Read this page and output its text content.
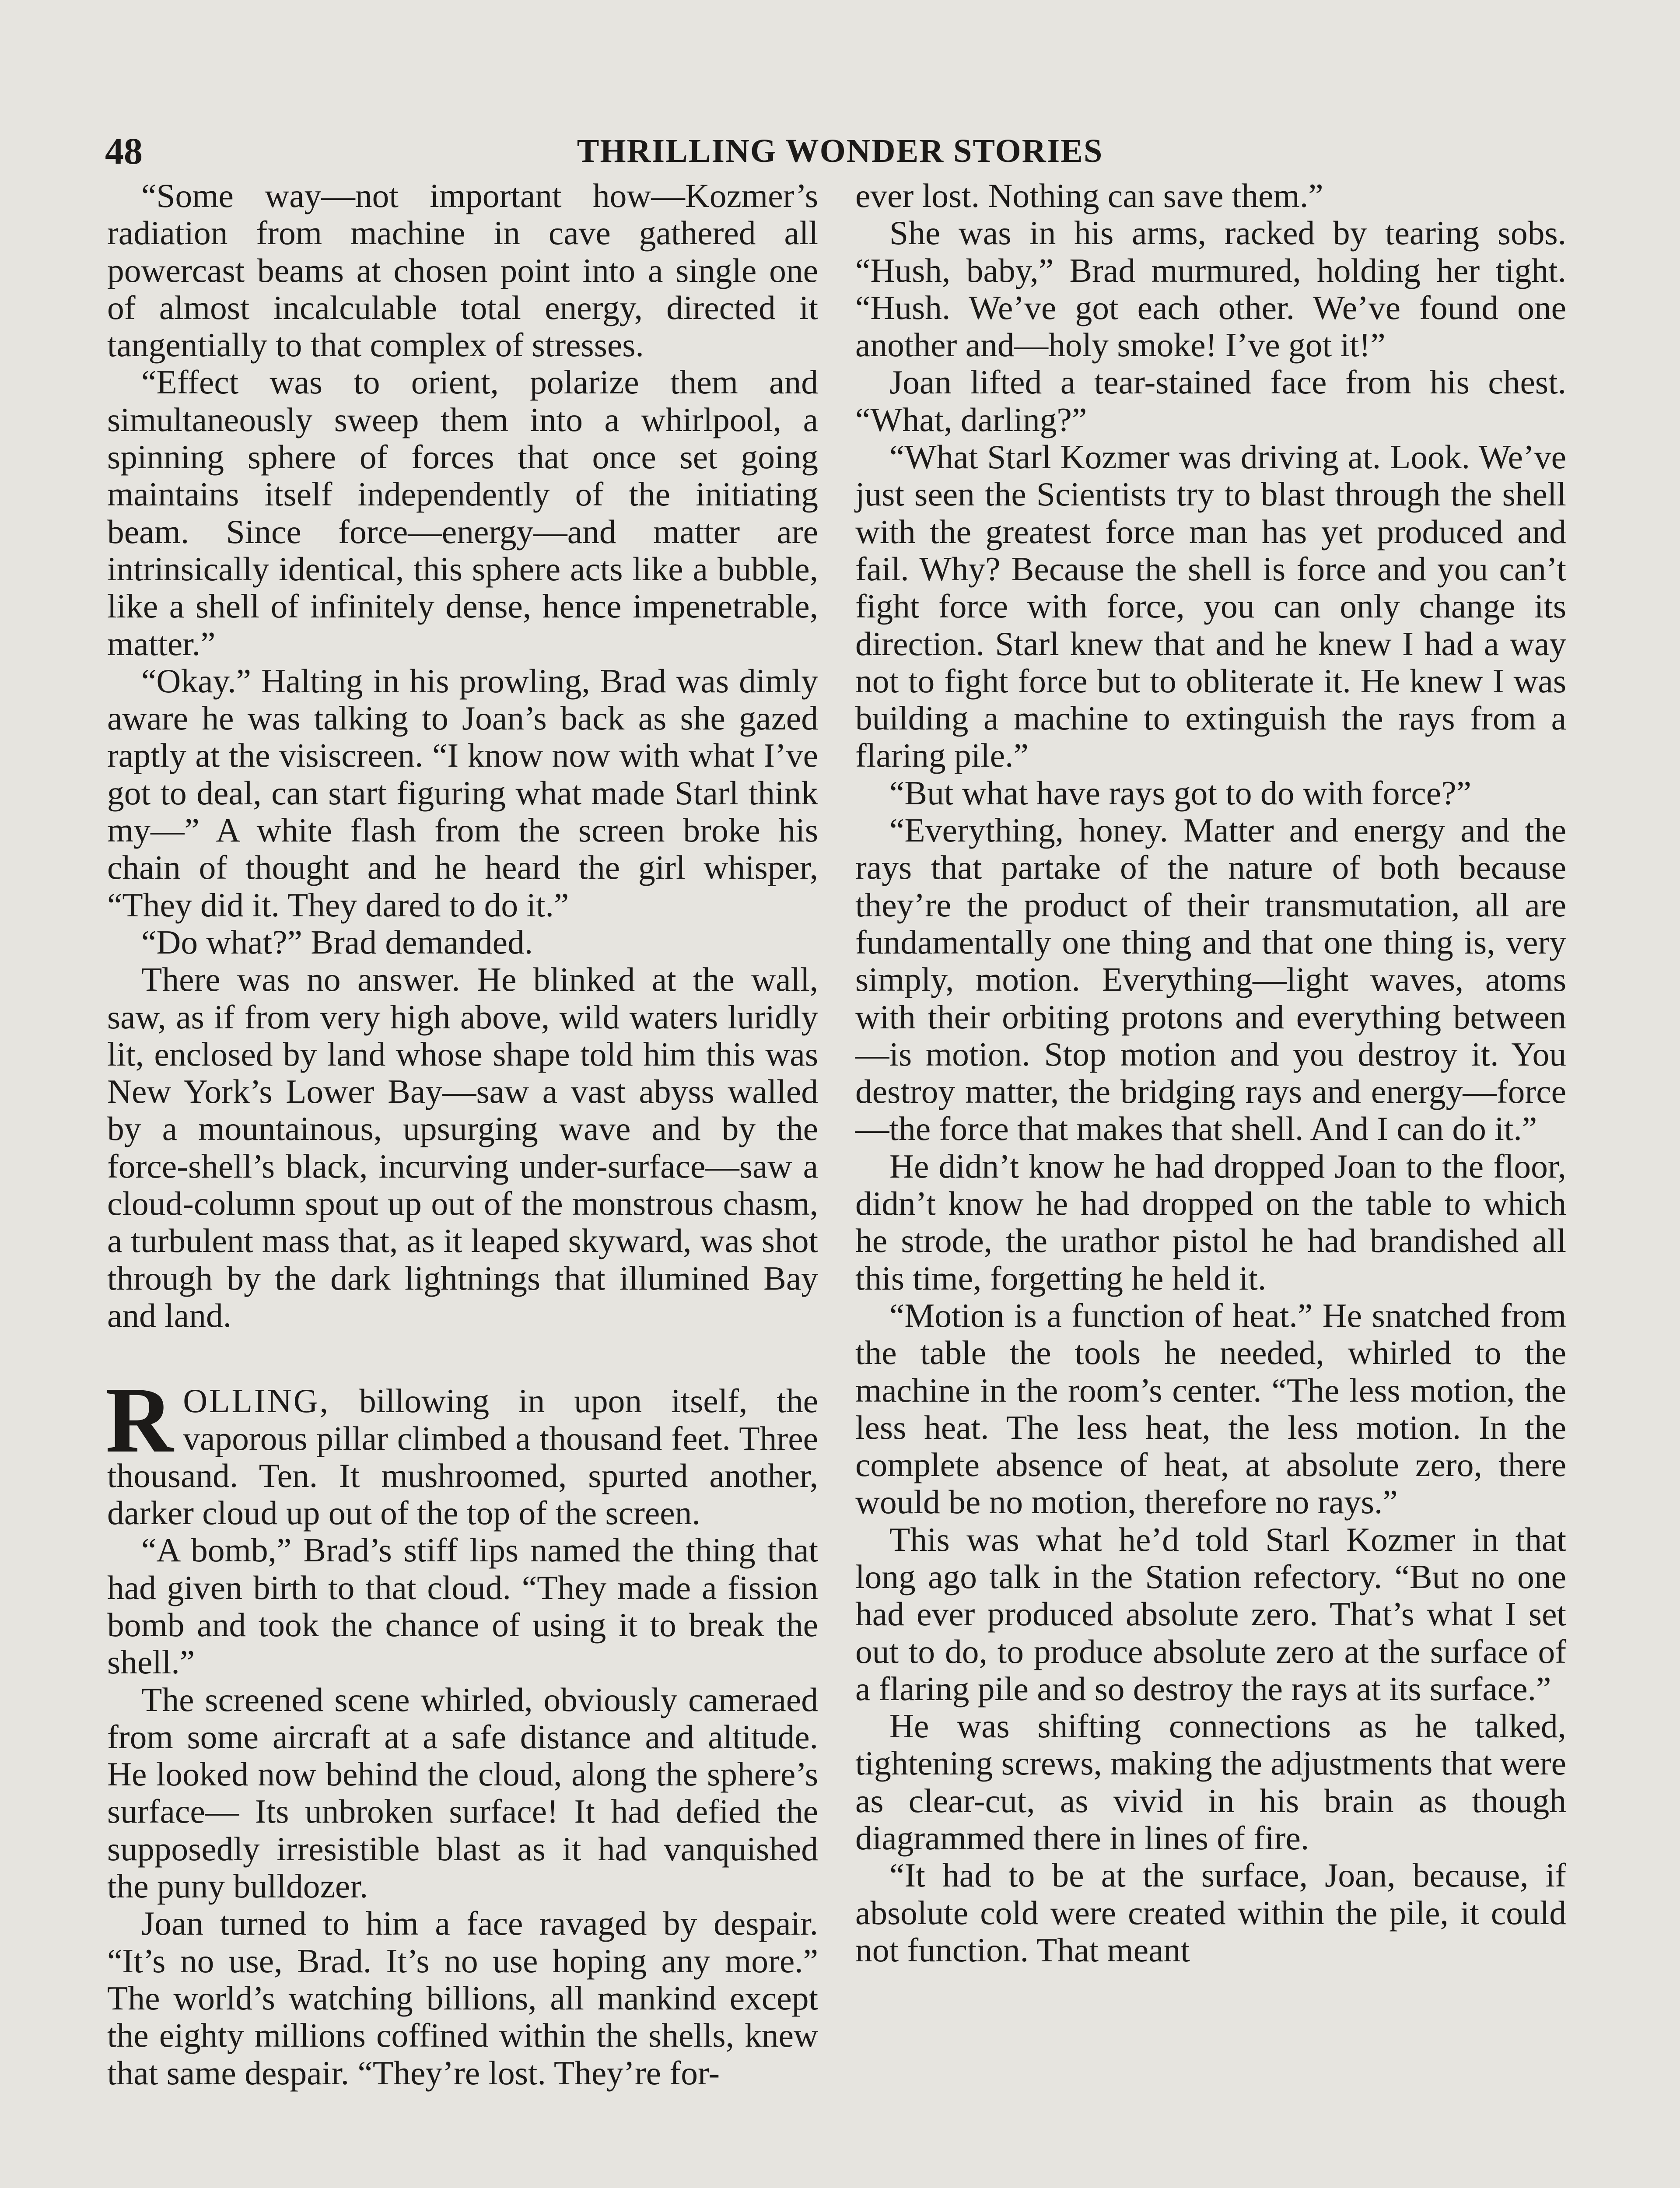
48	THRILLING WONDER STORIES

“Some way—not important how—Kozmer’s radiation from machine in cave gathered all powercast beams at chosen point into a single one of almost incalculable total energy, directed it tangentially to that complex of stresses.

“Effect was to orient, polarize them and simultaneously sweep them into a whirlpool, a spinning sphere of forces that once set going maintains itself independently of the initiating beam. Since force—energy—and matter are intrinsically identical, this sphere acts like a bubble, like a shell of infinitely dense, hence impenetrable, matter.”

“Okay.” Halting in his prowling, Brad was dimly aware he was talking to Joan’s back as she gazed raptly at the visiscreen. “I know now with what I’ve got to deal, can start figuring what made Starl think my—” A white flash from the screen broke his chain of thought and he heard the girl whisper, “They did it. They dared to do it.”

“Do what?” Brad demanded.

There was no answer. He blinked at the wall, saw, as if from very high above, wild waters luridly lit, enclosed by land whose shape told him this was New York’s Lower Bay—saw a vast abyss walled by a mountainous, upsurging wave and by the force-shell’s black, incurving under-surface—saw a cloud-column spout up out of the monstrous chasm, a turbulent mass that, as it leaped skyward, was shot through by the dark lightnings that illumined Bay and land.

ROLLING, billowing in upon itself, the vaporous pillar climbed a thousand feet. Three thousand. Ten. It mushroomed, spurted another, darker cloud up out of the top of the screen.

“A bomb,” Brad’s stiff lips named the thing that had given birth to that cloud. “They made a fission bomb and took the chance of using it to break the shell.”

The screened scene whirled, obviously cameraed from some aircraft at a safe distance and altitude. He looked now behind the cloud, along the sphere’s surface— Its unbroken surface! It had defied the supposedly irresistible blast as it had vanquished the puny bulldozer.

Joan turned to him a face ravaged by despair. “It’s no use, Brad. It’s no use hoping any more.” The world’s watching billions, all mankind except the eighty millions coffined within the shells, knew that same despair. “They’re lost. They’re for-

ever lost. Nothing can save them.”

She was in his arms, racked by tearing sobs. “Hush, baby,” Brad murmured, holding her tight. “Hush. We’ve got each other. We’ve found one another and—holy smoke! I’ve got it!”

Joan lifted a tear-stained face from his chest. “What, darling?”

“What Starl Kozmer was driving at. Look. We’ve just seen the Scientists try to blast through the shell with the greatest force man has yet produced and fail. Why? Because the shell is force and you can’t fight force with force, you can only change its direction. Starl knew that and he knew I had a way not to fight force but to obliterate it. He knew I was building a machine to extinguish the rays from a flaring pile.”

“But what have rays got to do with force?”

“Everything, honey. Matter and energy and the rays that partake of the nature of both because they’re the product of their transmutation, all are fundamentally one thing and that one thing is, very simply, motion. Everything—light waves, atoms with their orbiting protons and everything between—is motion. Stop motion and you destroy it. You destroy matter, the bridging rays and energy—force—the force that makes that shell. And I can do it.”

He didn’t know he had dropped Joan to the floor, didn’t know he had dropped on the table to which he strode, the urathor pistol he had brandished all this time, forgetting he held it.

“Motion is a function of heat.” He snatched from the table the tools he needed, whirled to the machine in the room’s center. “The less motion, the less heat. The less heat, the less motion. In the complete absence of heat, at absolute zero, there would be no motion, therefore no rays.”

This was what he’d told Starl Kozmer in that long ago talk in the Station refectory. “But no one had ever produced absolute zero. That’s what I set out to do, to produce absolute zero at the surface of a flaring pile and so destroy the rays at its surface.”

He was shifting connections as he talked, tightening screws, making the adjustments that were as clear-cut, as vivid in his brain as though diagrammed there in lines of fire.

“It had to be at the surface, Joan, because, if absolute cold were created within the pile, it could not function. That meant
